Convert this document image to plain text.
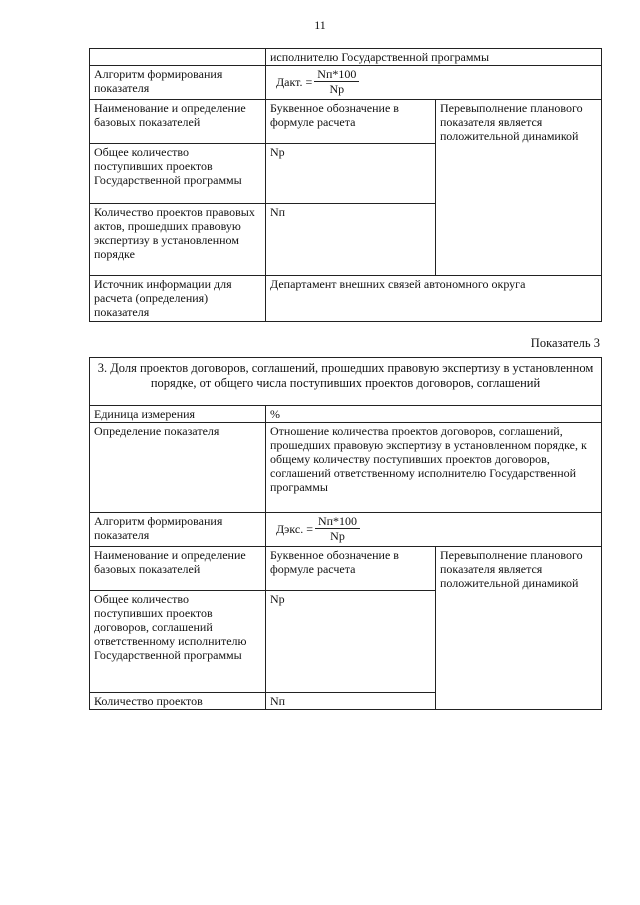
11
	исполнителю Государственной программы	
Алгоритм формирования показателя	Дакт. = $\frac{Nп*100}{Nр}$

Наименование и определение базовых показателей	Буквенное обозначение в формуле расчета	Перевыполнение планового показателя является положительной динамикой
Общее количество поступивших проектов Государственной программы	Nр	
Количество проектов правовых актов, прошедших правовую экспертизу в установленном порядке	Nп	
Источник информации для расчета (определения) показателя	Департамент внешних связей автономного округа	
Показатель 3
3. Доля проектов договоров, соглашений, прошедших правовую экспертизу в установленном порядке, от общего числа поступивших проектов договоров, соглашений		
Единица измерения	%	
Определение показателя	Отношение количества проектов договоров, соглашений, прошедших правовую экспертизу в установленном порядке, к общему количеству поступивших проектов договоров, соглашений ответственному исполнителю Государственной программы	
Алгоритм формирования показателя	Дэкс. = $\frac{Nп*100}{Nр}$

Наименование и определение базовых показателей	Буквенное обозначение в формуле расчета	Перевыполнение планового показателя является положительной динамикой
Общее количество поступивших проектов договоров, соглашений ответственному исполнителю Государственной программы	Nр	
Количество проектов	Nп	
